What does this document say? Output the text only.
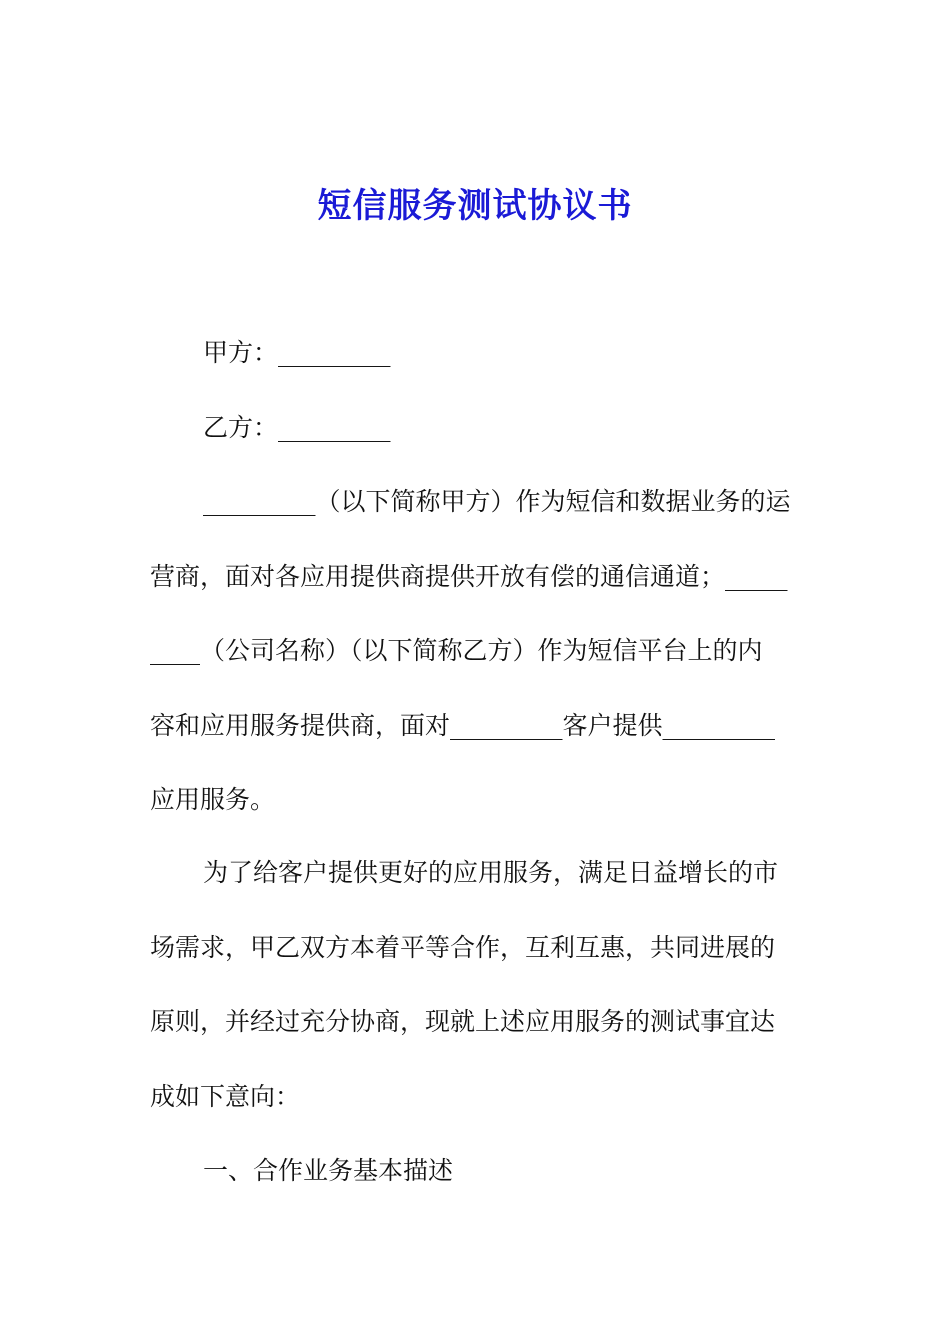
短信服务测试协议书

甲方：_________

乙方：_________

_________（以下简称甲方）作为短信和数据业务的运

营商，面对各应用提供商提供开放有偿的通信通道；_____

____（公司名称）（以下简称乙方）作为短信平台上的内

容和应用服务提供商，面对_________客户提供_________

应用服务。

为了给客户提供更好的应用服务，满足日益增长的市

场需求，甲乙双方本着平等合作，互利互惠，共同进展的

原则，并经过充分协商，现就上述应用服务的测试事宜达

成如下意向：

一、合作业务基本描述
